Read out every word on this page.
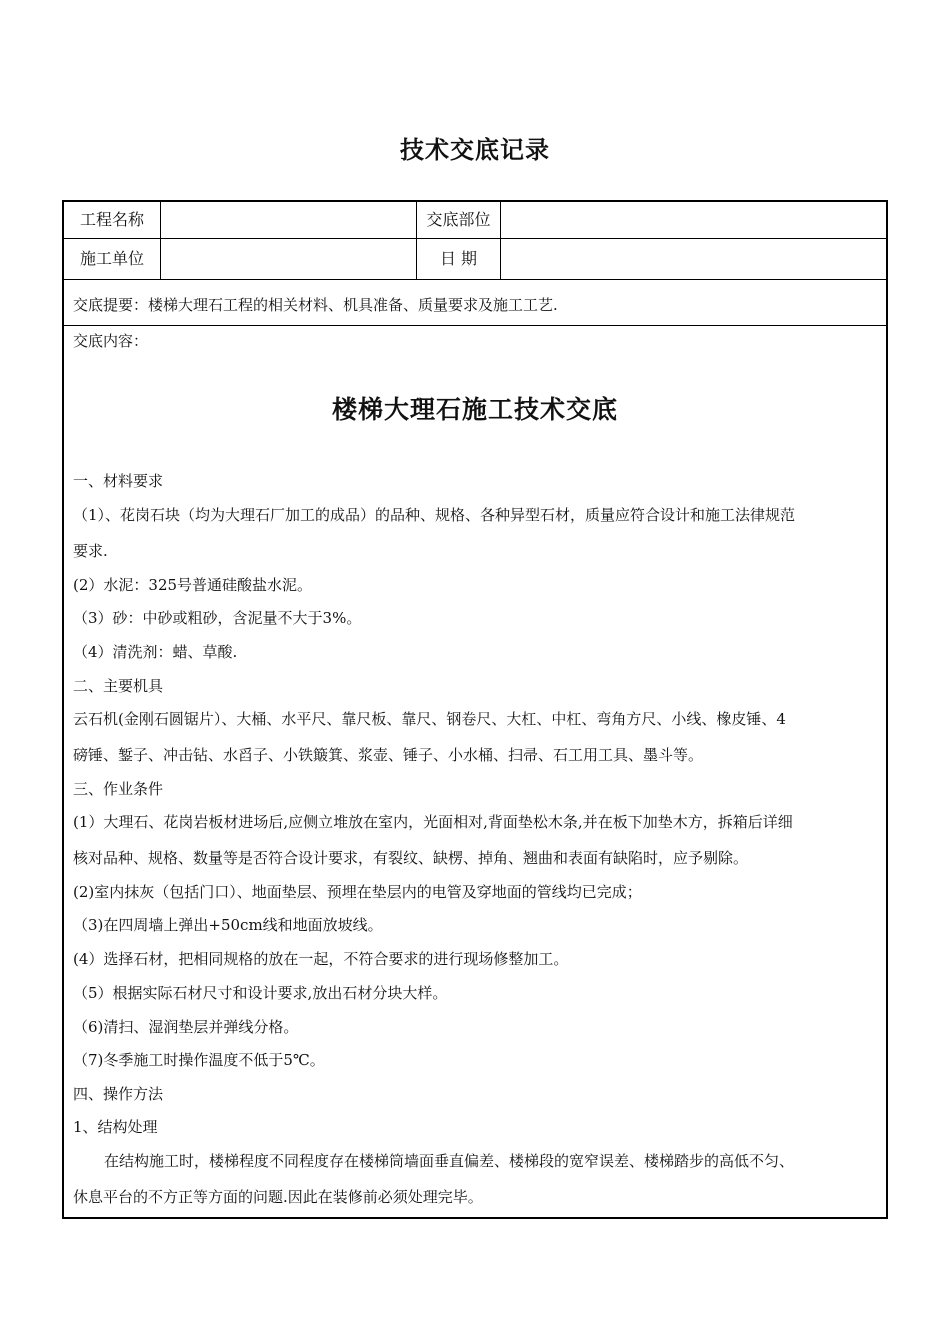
技术交底记录
工程名称	交底部位
施工单位	日 期
交底提要：楼梯大理石工程的相关材料、机具准备、质量要求及施工工艺.
交底内容：
楼梯大理石施工技术交底
一、材料要求
（1）、花岗石块（均为大理石厂加工的成品）的品种、规格、各种异型石材，质量应符合设计和施工法律规范
要求.
(2）水泥：325号普通硅酸盐水泥。
（3）砂：中砂或粗砂，含泥量不大于3%。
（4）清洗剂：蜡、草酸.
二、主要机具
云石机(金刚石圆锯片）、大桶、水平尺、靠尺板、靠尺、钢卷尺、大杠、中杠、弯角方尺、小线、橡皮锤、4
磅锤、錾子、冲击钻、水舀子、小铁簸箕、浆壶、锤子、小水桶、扫帚、石工用工具、墨斗等。
三、作业条件
(1）大理石、花岗岩板材进场后,应侧立堆放在室内，光面相对,背面垫松木条,并在板下加垫木方，拆箱后详细
核对品种、规格、数量等是否符合设计要求，有裂纹、缺楞、掉角、翘曲和表面有缺陷时，应予剔除。
(2)室内抹灰（包括门口）、地面垫层、预埋在垫层内的电管及穿地面的管线均已完成；
（3)在四周墙上弹出+50cm线和地面放坡线。
(4）选择石材，把相同规格的放在一起，不符合要求的进行现场修整加工。
（5）根据实际石材尺寸和设计要求,放出石材分块大样。
（6)清扫、湿润垫层并弹线分格。
（7)冬季施工时操作温度不低于5℃。
四、操作方法
1、结构处理
在结构施工时，楼梯程度不同程度存在楼梯筒墙面垂直偏差、楼梯段的宽窄误差、楼梯踏步的高低不匀、
休息平台的不方正等方面的问题.因此在装修前必须处理完毕。
